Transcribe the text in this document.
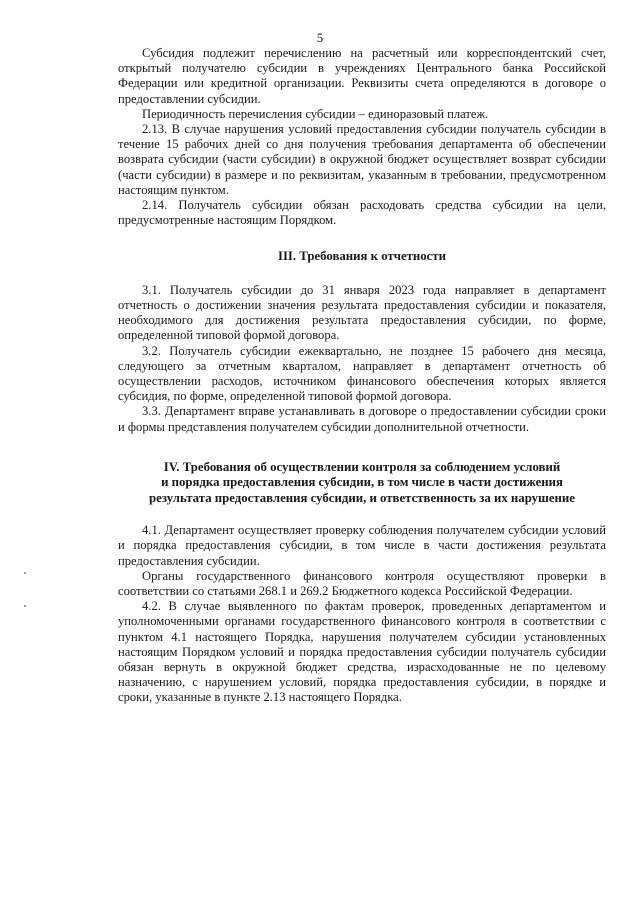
5

Субсидия подлежит перечислению на расчетный или корреспондентский счет, открытый получателю субсидии в учреждениях Центрального банка Российской Федерации или кредитной организации. Реквизиты счета определяются в договоре о предоставлении субсидии.

Периодичность перечисления субсидии – единоразовый платеж.

2.13. В случае нарушения условий предоставления субсидии получатель субсидии в течение 15 рабочих дней со дня получения требования департамента об обеспечении возврата субсидии (части субсидии) в окружной бюджет осуществляет возврат субсидии (части субсидии) в размере и по реквизитам, указанным в требовании, предусмотренном настоящим пунктом.

2.14. Получатель субсидии обязан расходовать средства субсидии на цели, предусмотренные настоящим Порядком.

III. Требования к отчетности

3.1. Получатель субсидии до 31 января 2023 года направляет в департамент отчетность о достижении значения результата предоставления субсидии и показателя, необходимого для достижения результата предоставления субсидии, по форме, определенной типовой формой договора.

3.2. Получатель субсидии ежеквартально, не позднее 15 рабочего дня месяца, следующего за отчетным кварталом, направляет в департамент отчетность об осуществлении расходов, источником финансового обеспечения которых является субсидия, по форме, определенной типовой формой договора.

3.3. Департамент вправе устанавливать в договоре о предоставлении субсидии сроки и формы представления получателем субсидии дополнительной отчетности.

IV. Требования об осуществлении контроля за соблюдением условий
и порядка предоставления субсидии, в том числе в части достижения
результата предоставления субсидии, и ответственность за их нарушение

4.1. Департамент осуществляет проверку соблюдения получателем субсидии условий и порядка предоставления субсидии, в том числе в части достижения результата предоставления субсидии.

Органы государственного финансового контроля осуществляют проверки в соответствии со статьями 268.1 и 269.2 Бюджетного кодекса Российской Федерации.

4.2. В случае выявленного по фактам проверок, проведенных департаментом и уполномоченными органами государственного финансового контроля в соответствии с пунктом 4.1 настоящего Порядка, нарушения получателем субсидии установленных настоящим Порядком условий и порядка предоставления субсидии получатель субсидии обязан вернуть в окружной бюджет средства, израсходованные не по целевому назначению, с нарушением условий, порядка предоставления субсидии, в порядке и сроки, указанные в пункте 2.13 настоящего Порядка.
